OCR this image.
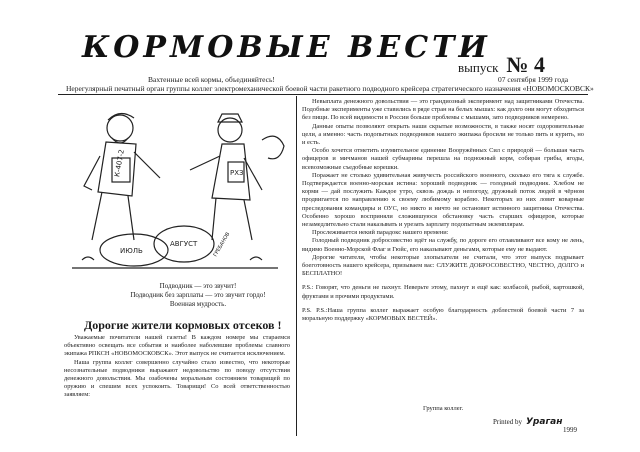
КОРМОВЫЕ ВЕСТИ
выпуск № 4
Вахтенные всей кормы, объединяйтесь!	07 сентября 1999 года
Нерегулярный печатный орган группы коллег электромеханической боевой части ракетного подводного крейсера стратегического назначения «НОВОМОСКОВСК»
К-407-2	РХЗ
ИЮЛЬ
АВГУСТ	ГРЕБАНОВ
Подводник — это звучит!
Подводник без зарплаты — это звучит гордо!
Военная мудрость.
Дорогие жители кормовых отсеков !

Уважаемые почитатели нашей газеты! В каждом номере мы стараемся объективно освещать все события и наиболее наболевшие проблемы славного экипажа РПКСН «НОВОМОСКОВСК». Этот выпуск не считается исключением.

Наша группа коллег совершенно случайно стало известно, что некоторые несознательные подводники выражают недовольство по поводу отсутствия денежного довольствия. Мы озабочены моральным состоянием товарищей по оружию и спешим всех успокоить. Товарищи! Со всей ответственностью заявляем:

Невыплата денежного довольствия — это грандиозный эксперимент над защитниками Отечества. Подобные эксперименты уже ставились в ряде стран на белых мышах: как долго они могут обходиться без пищи. По всей видимости в России больше проблемы с мышами, зато подводников немерено.

Данные опыты позволяют открыть наши скрытые возможности, в также носят оздоровительные цели, а именно: часть подопытных подводников нашего экипажа бросили не только пить и курить, но и есть.

Особо хочется отметить изумительное единение Вооружённых Сил с природой — большая часть офицеров и мичманов нашей субмарины перешла на подножный корм, собирая грибы, ягоды, всевозможные съедобные корешки.

Поражает не столько удивительная живучесть российского военного, сколько его тяга к службе. Подтверждается военно-морская истина: хороший подводник — голодный подводник. Хлебом не корми — дай послужить Каждое утро, сквозь дождь и непогоду, дружный поток людей в чёрном продвигается по направлению к своему любимому кораблю. Некоторых из них ловят коварные преследования командиры и ОУС, но никто и ничто не остановит истинного защитника Отечества. Особенно хорошо восприняли сложившуюся обстановку часть старших офицеров, которые незамедлительно стали наказывать и урезать зарплату подопытным экземплярам.

Прослеживается некий парадокс нашего времени:

Голодный подводник добросовестно идёт на службу, по дороге его отлавливают все кому не лень, видимо Военно-Морской Флаг и Гюйс, его наказывают деньгами, которые ему не выдают.

Дорогие читатели, чтобы некоторые злопыхатели не считали, что этот выпуск подрывает боеготовность нашего крейсера, призываем вас: СЛУЖИТЕ ДОБРОСОВЕСТНО, ЧЕСТНО, ДОЛГО и БЕСПЛАТНО!

P.S.: Говорят, что деньги не пахнут. Неверьте этому, пахнут и ещё как: колбасой, рыбой, картошкой, фруктами и прочими продуктами.

P.S. P.S.:Наша группа коллег выражает особую благодарность доблестной боевой части 7 за моральную поддержку «КОРМОВЫХ ВЕСТЕЙ».

Группа коллег.
Printed by Ураган
1999
